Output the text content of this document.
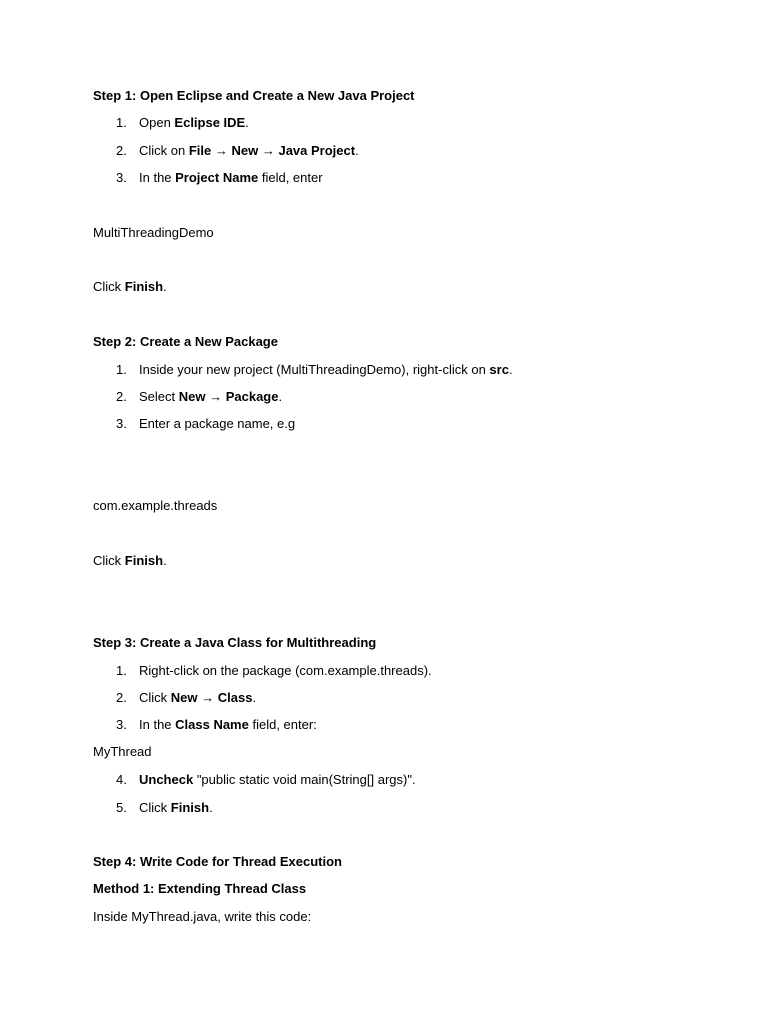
Step 1: Open Eclipse and Create a New Java Project
1. Open Eclipse IDE.
2. Click on File → New → Java Project.
3. In the Project Name field, enter
MultiThreadingDemo
Click Finish.
Step 2: Create a New Package
1. Inside your new project (MultiThreadingDemo), right-click on src.
2. Select New → Package.
3. Enter a package name, e.g
com.example.threads
Click Finish.
Step 3: Create a Java Class for Multithreading
1. Right-click on the package (com.example.threads).
2. Click New → Class.
3. In the Class Name field, enter:
MyThread
4. Uncheck "public static void main(String[] args)".
5. Click Finish.
Step 4: Write Code for Thread Execution
Method 1: Extending Thread Class
Inside MyThread.java, write this code:
